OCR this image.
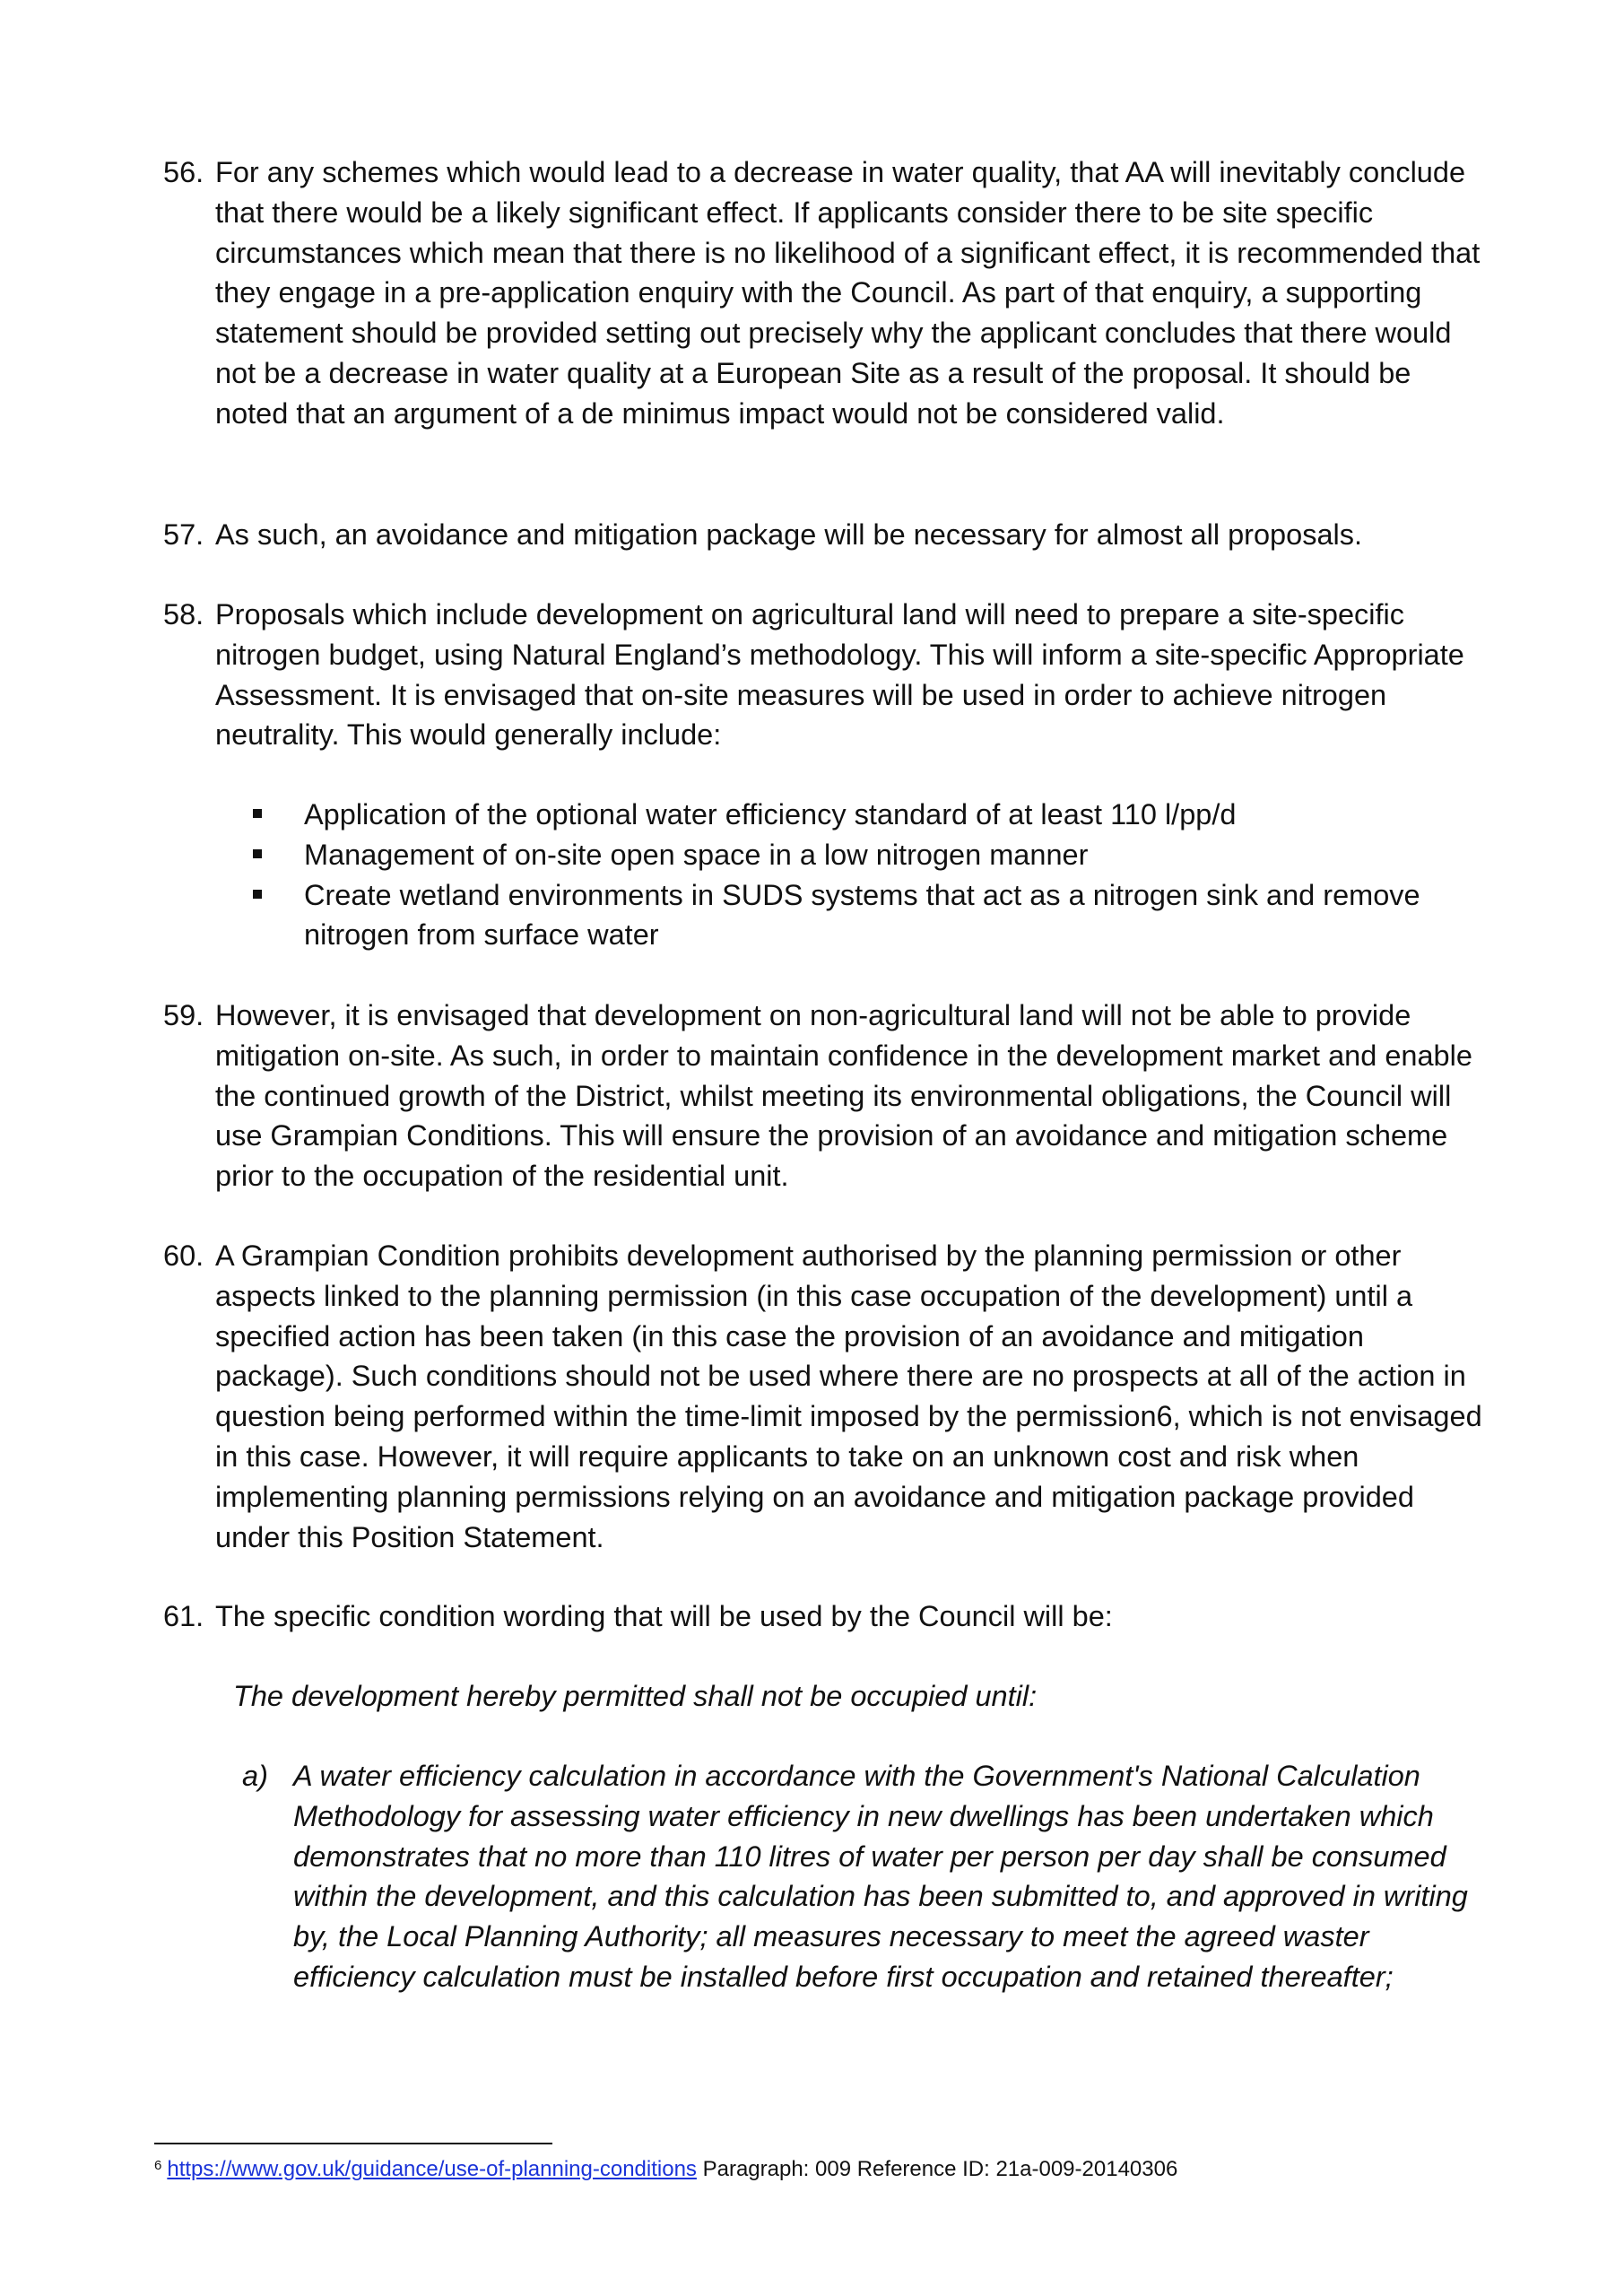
56. For any schemes which would lead to a decrease in water quality, that AA will inevitably conclude that there would be a likely significant effect. If applicants consider there to be site specific circumstances which mean that there is no likelihood of a significant effect, it is recommended that they engage in a pre-application enquiry with the Council. As part of that enquiry, a supporting statement should be provided setting out precisely why the applicant concludes that there would not be a decrease in water quality at a European Site as a result of the proposal. It should be noted that an argument of a de minimus impact would not be considered valid.
57. As such, an avoidance and mitigation package will be necessary for almost all proposals.
58. Proposals which include development on agricultural land will need to prepare a site-specific nitrogen budget, using Natural England’s methodology. This will inform a site-specific Appropriate Assessment. It is envisaged that on-site measures will be used in order to achieve nitrogen neutrality. This would generally include:
Application of the optional water efficiency standard of at least 110 l/pp/d
Management of on-site open space in a low nitrogen manner
Create wetland environments in SUDS systems that act as a nitrogen sink and remove nitrogen from surface water
59. However, it is envisaged that development on non-agricultural land will not be able to provide mitigation on-site. As such, in order to maintain confidence in the development market and enable the continued growth of the District, whilst meeting its environmental obligations, the Council will use Grampian Conditions. This will ensure the provision of an avoidance and mitigation scheme prior to the occupation of the residential unit.
60. A Grampian Condition prohibits development authorised by the planning permission or other aspects linked to the planning permission (in this case occupation of the development) until a specified action has been taken (in this case the provision of an avoidance and mitigation package). Such conditions should not be used where there are no prospects at all of the action in question being performed within the time-limit imposed by the permission6, which is not envisaged in this case. However, it will require applicants to take on an unknown cost and risk when implementing planning permissions relying on an avoidance and mitigation package provided under this Position Statement.
61. The specific condition wording that will be used by the Council will be:
The development hereby permitted shall not be occupied until:
a) A water efficiency calculation in accordance with the Government's National Calculation Methodology for assessing water efficiency in new dwellings has been undertaken which demonstrates that no more than 110 litres of water per person per day shall be consumed within the development, and this calculation has been submitted to, and approved in writing by, the Local Planning Authority; all measures necessary to meet the agreed waster efficiency calculation must be installed before first occupation and retained thereafter;
$^6$ https://www.gov.uk/guidance/use-of-planning-conditions Paragraph: 009 Reference ID: 21a-009-20140306
